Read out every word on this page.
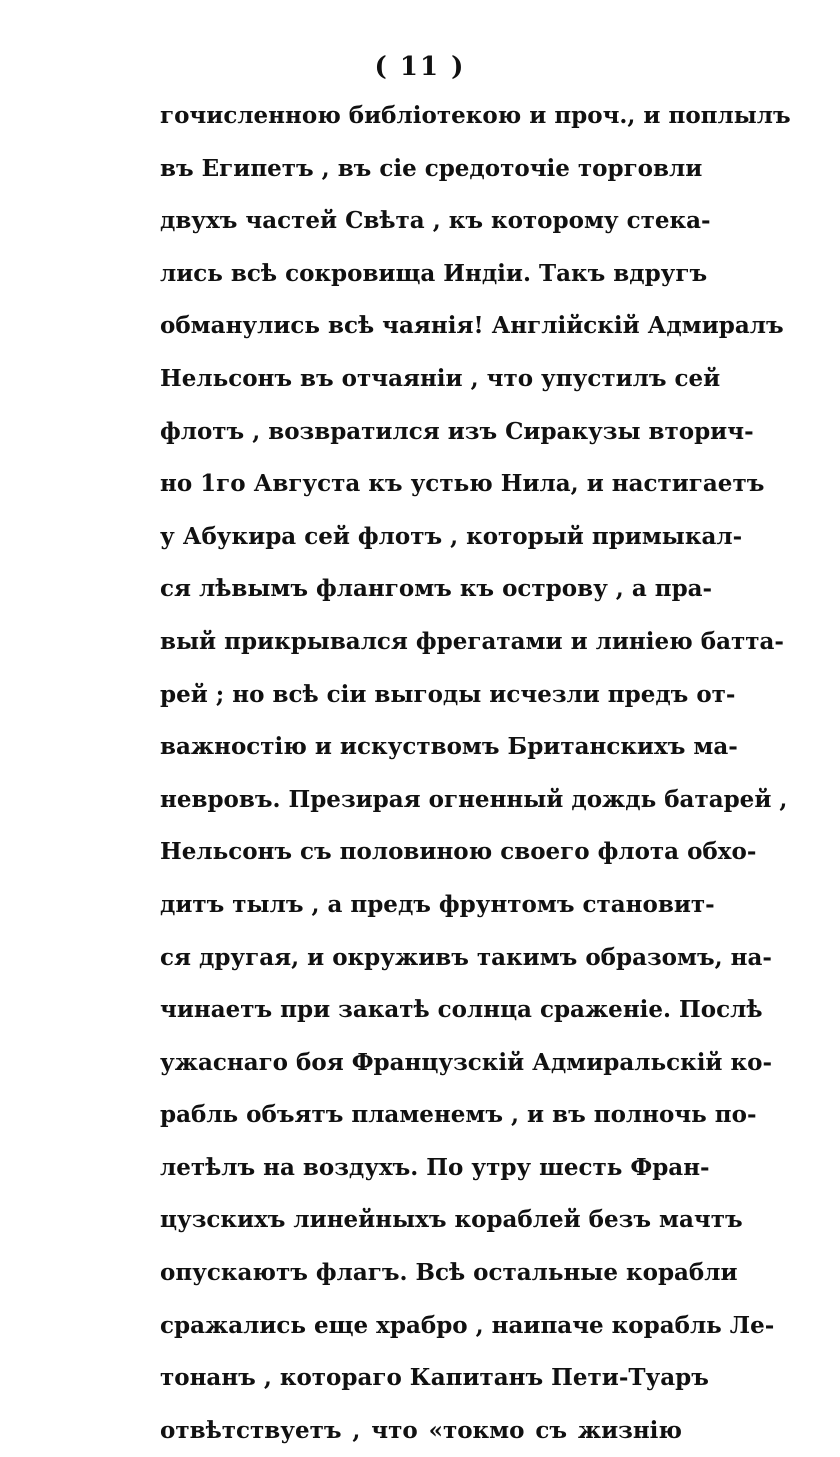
( 11 )
гочисленною библіотекою и проч., и поплылъ
въ Египетъ , въ сіе средоточіе торговли
двухъ частей Свѣта , къ которому стека-
лись всѣ сокровища Индіи. Такъ вдругъ
обманулись всѣ чаянія! Англійскій Адмиралъ
Нельсонъ въ отчаяніи , что упустилъ сей
флотъ , возвратился изъ Сиракузы вторич-
но 1го Августа къ устью Нила, и настигаетъ
у Абукира сей флотъ , который примыкал-
ся лѣвымъ флангомъ къ острову , а пра-
вый прикрывался фрегатами и линіею батта-
рей ; но всѣ сіи выгоды исчезли предъ от-
важностію и искуствомъ Британскихъ ма-
невровъ. Презирая огненный дождь батарей ,
Нельсонъ съ половиною своего флота обхо-
дитъ тылъ , а предъ фрунтомъ становит-
ся другая, и окруживъ такимъ образомъ, на-
чинаетъ при закатѣ солнца сраженіе. Послѣ
ужаснаго боя Французскій Адмиральскій ко-
рабль объятъ пламенемъ , и въ полночь по-
летѣлъ на воздухъ. По утру шесть Фран-
цузскихъ линейныхъ кораблей безъ мачтъ
опускаютъ флагъ. Всѣ остальные корабли
сражались еще храбро , наипаче корабль Ле-
тонанъ , котораго Капитанъ Пети-Туаръ
отвѣтствуетъ , что «токмо съ жизнію
